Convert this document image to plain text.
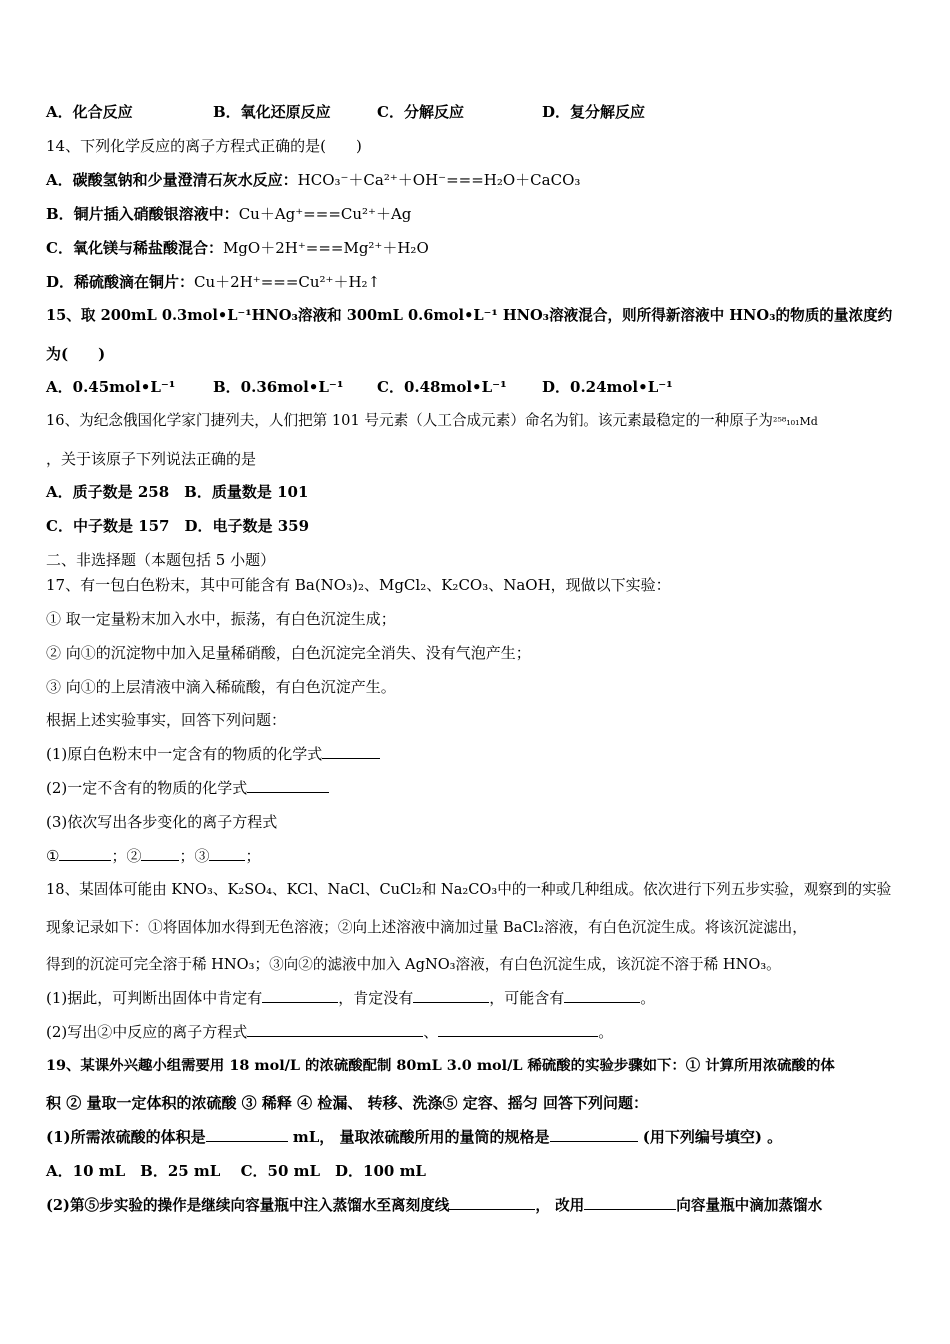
A．化合反应	B．氧化还原反应	C．分解反应	D．复分解反应
14、下列化学反应的离子方程式正确的是(　　)
A．碳酸氢钠和少量澄清石灰水反应：HCO₃⁻＋Ca²⁺＋OH⁻===H₂O＋CaCO₃
B．铜片插入硝酸银溶液中：Cu＋Ag⁺===Cu²⁺＋Ag
C．氧化镁与稀盐酸混合：MgO＋2H⁺===Mg²⁺＋H₂O
D．稀硫酸滴在铜片：Cu＋2H⁺===Cu²⁺＋H₂↑
15、取 200mL 0.3mol•L⁻¹HNO₃溶液和 300mL 0.6mol•L⁻¹ HNO₃溶液混合，则所得新溶液中 HNO₃的物质的量浓度约
为(　　)
A．0.45mol•L⁻¹	B．0.36mol•L⁻¹ C．0.48mol•L⁻¹ D．0.24mol•L⁻¹
16、为纪念俄国化学家门捷列夫，人们把第 101 号元素（人工合成元素）命名为钔。该元素最稳定的一种原子为²⁵⁸₁₀₁Md
，关于该原子下列说法正确的是
A．质子数是 258　B．质量数是 101
C．中子数是 157　D．电子数是 359
二、非选择题（本题包括 5 小题）
17、有一包白色粉末，其中可能含有 Ba(NO₃)₂、MgCl₂、K₂CO₃、NaOH，现做以下实验：
① 取一定量粉末加入水中，振荡，有白色沉淀生成；
② 向①的沉淀物中加入足量稀硝酸，白色沉淀完全消失、没有气泡产生；
③ 向①的上层清液中滴入稀硫酸，有白色沉淀产生。
根据上述实验事实，回答下列问题：
(1)原白色粉末中一定含有的物质的化学式
(2)一定不含有的物质的化学式
(3)依次写出各步变化的离子方程式
①	；②	；③ ；
18、某固体可能由 KNO₃、K₂SO₄、KCl、NaCl、CuCl₂和 Na₂CO₃中的一种或几种组成。依次进行下列五步实验，观察到的实验
现象记录如下：①将固体加水得到无色溶液；②向上述溶液中滴加过量 BaCl₂溶液，有白色沉淀生成。将该沉淀滤出，
得到的沉淀可完全溶于稀 HNO₃；③向②的滤液中加入 AgNO₃溶液，有白色沉淀生成，该沉淀不溶于稀 HNO₃。
(1)据此，可判断出固体中肯定有	，肯定没有	，可能含有	。
(2)写出②中反应的离子方程式	、	。
19、某课外兴趣小组需要用 18 mol/L 的浓硫酸配制 80mL 3.0 mol/L 稀硫酸的实验步骤如下：① 计算所用浓硫酸的体
积 ② 量取一定体积的浓硫酸 ③ 稀释 ④ 检漏、 转移、洗涤⑤ 定容、摇匀 回答下列问题：
(1)所需浓硫酸的体积是	mL， 量取浓硫酸所用的量筒的规格是	(用下列编号填空) 。
A．10 mL　B．25 mL　 C．50 mL　D．100 mL
(2)第⑤步实验的操作是继续向容量瓶中注入蒸馏水至离刻度线	， 改用	向容量瓶中滴加蒸馏水
